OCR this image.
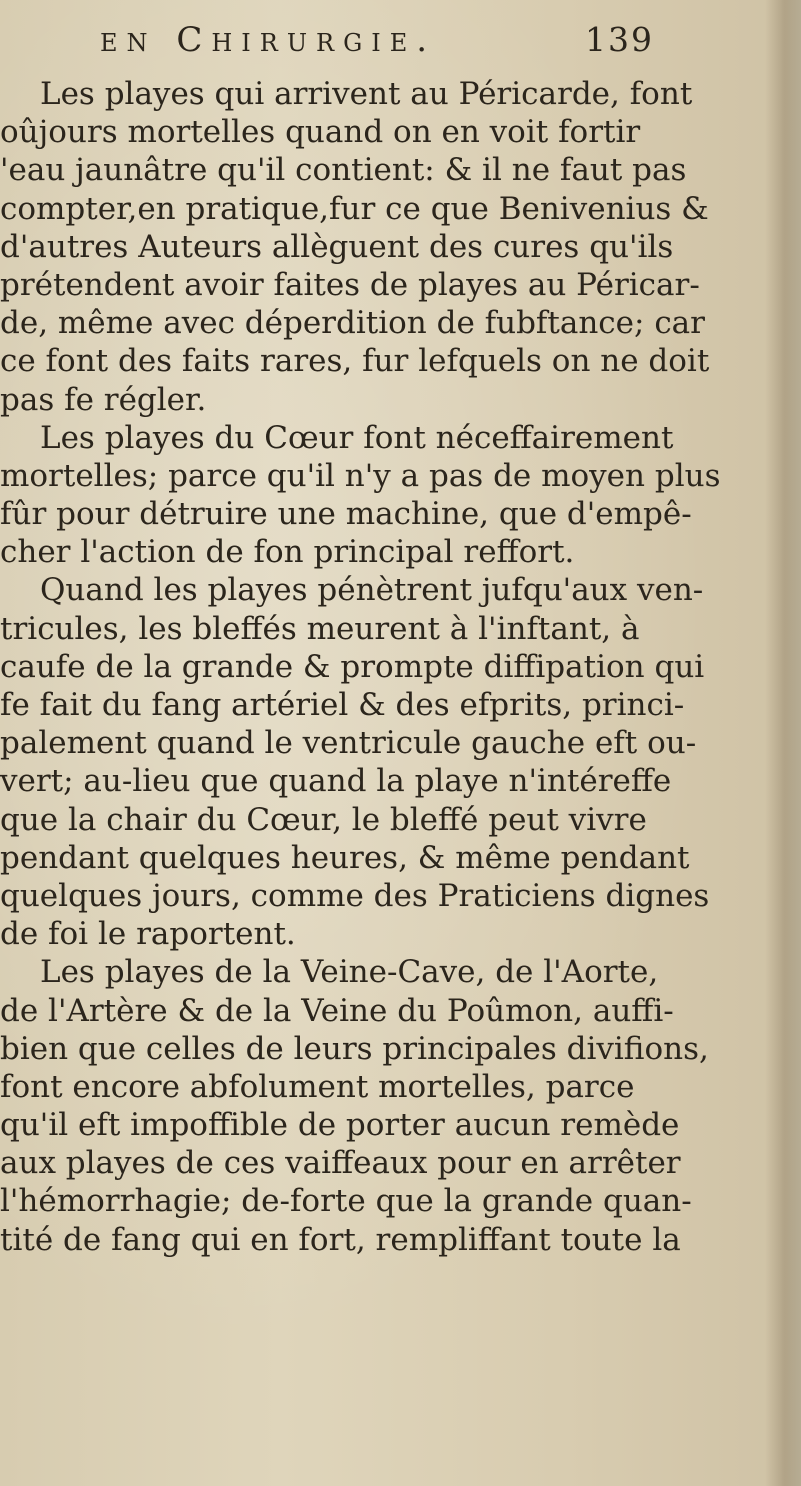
en Chirurgie.	139
Les playes qui arrivent au Péricarde, font
oûjours mortelles quand on en voit fortir
'eau jaunâtre qu'il contient: & il ne faut pas
compter,en pratique,fur ce que Benivenius &
d'autres Auteurs allèguent des cures qu'ils
prétendent avoir faites de playes au Péricar-
de, même avec déperdition de fubftance; car
ce font des faits rares, fur lefquels on ne doit
pas fe régler.
Les playes du Cœur font néceffairement
mortelles; parce qu'il n'y a pas de moyen plus
fûr pour détruire une machine, que d'empê-
cher l'action de fon principal reffort.
Quand les playes pénètrent jufqu'aux ven-
tricules, les bleffés meurent à l'inftant, à
caufe de la grande & prompte diffipation qui
fe fait du fang artériel & des efprits, princi-
palement quand le ventricule gauche eft ou-
vert; au-lieu que quand la playe n'intéreffe
que la chair du Cœur, le bleffé peut vivre
pendant quelques heures, & même pendant
quelques jours, comme des Praticiens dignes
de foi le raportent.
Les playes de la Veine-Cave, de l'Aorte,
de l'Artère & de la Veine du Poûmon, auffi-
bien que celles de leurs principales divifions,
font encore abfolument mortelles, parce
qu'il eft impoffible de porter aucun remède
aux playes de ces vaiffeaux pour en arrêter
l'hémorrhagie; de-forte que la grande quan-
tité de fang qui en fort, rempliffant toute la
